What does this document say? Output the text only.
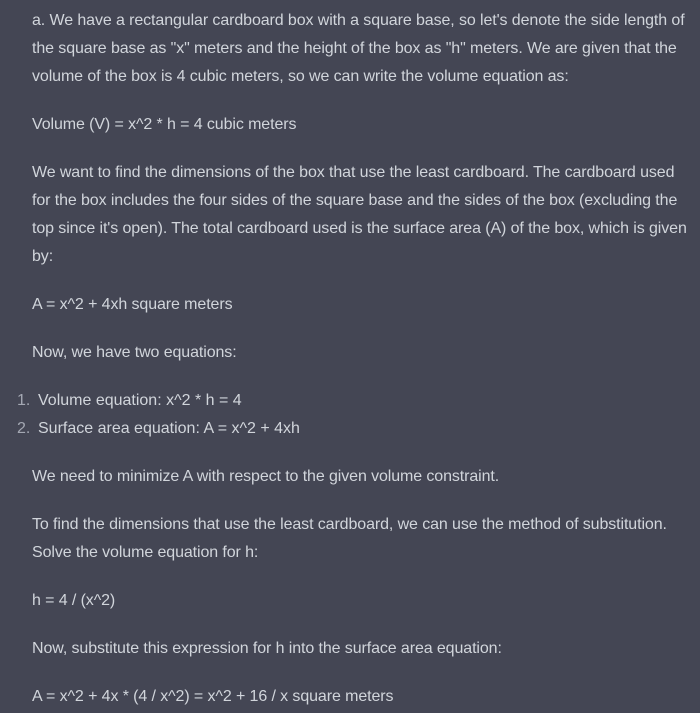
a. We have a rectangular cardboard box with a square base, so let's denote the side length of the square base as "x" meters and the height of the box as "h" meters. We are given that the volume of the box is 4 cubic meters, so we can write the volume equation as:

Volume (V) = x^2 * h = 4 cubic meters

We want to find the dimensions of the box that use the least cardboard. The cardboard used for the box includes the four sides of the square base and the sides of the box (excluding the top since it's open). The total cardboard used is the surface area (A) of the box, which is given by:

A = x^2 + 4xh square meters

Now, we have two equations:

1. Volume equation: x^2 * h = 4
2. Surface area equation: A = x^2 + 4xh

We need to minimize A with respect to the given volume constraint.

To find the dimensions that use the least cardboard, we can use the method of substitution. Solve the volume equation for h:

h = 4 / (x^2)

Now, substitute this expression for h into the surface area equation:

A = x^2 + 4x * (4 / x^2) = x^2 + 16 / x square meters
